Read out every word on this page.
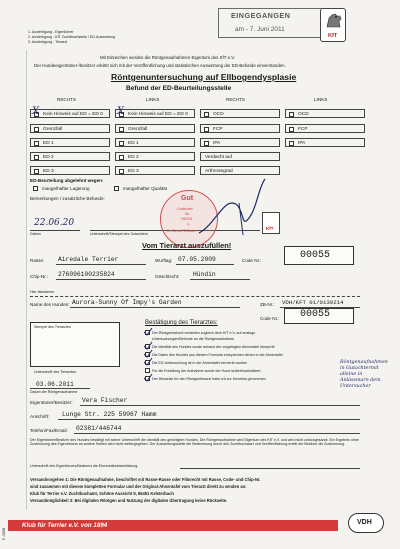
EINGEGANGEN
am - 7. Juni 2011
KfT
1. Ausfertigung - Eigentümer
2. Ausfertigung - KfT Zuchtbuchstelle / ED-Auswertung
3. Ausfertigung - Tierarzt
Mit Einreichen werden die Röntgenaufnahmen Eigentum des KfT e.V.
Der Hundeeigentümer-/besitzer erklärt sich mit der Veröffentlichung und statistischen Auswertung der ED-Befunde einverstanden.
Röntgenuntersuchung auf Ellbogendysplasie
Befund der ED-Beurteilungsstelle
RECHTS	LINKS	RECHTS	LINKS
Kein Hinweis auf ED = ED 0	Kein Hinweis auf ED = ED 0
Grenzfall	Grenzfall
ED 1	ED 1
ED 2	ED 2
ED 3	ED 3
OCD	OCD
FCP	FCP
IPA	IPA
Verdacht auf
Arthrosegrad
X	X
ED-Beurteilung abgelehnt wegen:
mangelhafter Lagerung	mangelhafter Qualität
Bemerkungen / zusätzliche Befunde:
22.06.20
Datum	Unterschrift/Stempel des Gutachters
Gut
Gutachter
für
HD/ED
u.
Dr. Bernd Tellhelm	KfT
Vom Tierarzt auszufüllen!
Rasse: Airedale Terrier	Wurftag: 07.05.2009	Code Nr.:	00055
Chip-Nr.: 276096100235824	Geschlecht: Hündin
Hier tätowieren
Name des Hundes: Aurora-Sunny Of Impy's Garden	ZB-Nr.: VDH/KFT 01/0139214
Code Nr.: 00055
Stempel des Tierarztes
Unterschrift des Tierarztes
Bestätigung des Tierarztes:
Der Röntgenbefund vorstellen zugleich dem KfT e.V. auf analoge
Untersuchungen/Befunde an die Röntgenaufnahme
Die Identität des Hundes wurde anhand der vorgelegten Ahnentafel überprüft
Die Daten des Hundes aus diesem Formular entsprechen denen in der Ahnentafel
Die ED-Untersuchung ist in der Ahnentafel vermerkt worden
Für die Erstellung der Aufnahme wurde der Hund sediert/narkotisiert
Der Hinweise für den Röntgentierarzt habe ich zur Kenntnis genommen
Röntgenaufnahmen in Gutachtermit alleine in Anlässmarn dem Untersucher
03.06.2011
Datum der Röntgenaufnahme
Eigentümer/Besitzer: Vera Fischer
Anschrift: Lunge Str. 225 59067 Hamm
Telefon/Fax/Email: 02381/446744
Der Eigentümer/Besitzer des Hundes bestätigt mit seiner Unterschrift die Identität des geröntgten Hundes. Die Röntgenaufnahme wird Eigentum des KfT e.V. und wird nicht zurückgesandt. Ein Ergebnis ohne Zustimmung des Eigentümers an andere Stellen wird nicht weitergegeben. Der Auswertungsstelle die Bestimmung durch den Zuchtbuchwart und Veröffentlichung erteilt der Besitzer die Zustimmung.
Unterschrift des Eigentümers/Besitzers als Einverständniserklärung:
Versandvorgehen 1: Die Röntgenaufnahme, beschriftet mit Rasse-Rasse oder Filmrecht mit Rasse, Code- und Chip-Nr.
sind zusammen mit diesem kompletten Formular und der Original-Ahnentafel vom Tierarzt direkt zu senden an:
Klub für Terrier e.V. Zuchtbuchamt, Schöne Aussicht 9, 65451 Kelsterbach
Versandmöglichkeit 3: Bei digitalen Röntgen und Nutzung der digitalen Übertragung keine Rückseite.
Klub für Terrier e.V. von 1894	VDH
F.-05/98
